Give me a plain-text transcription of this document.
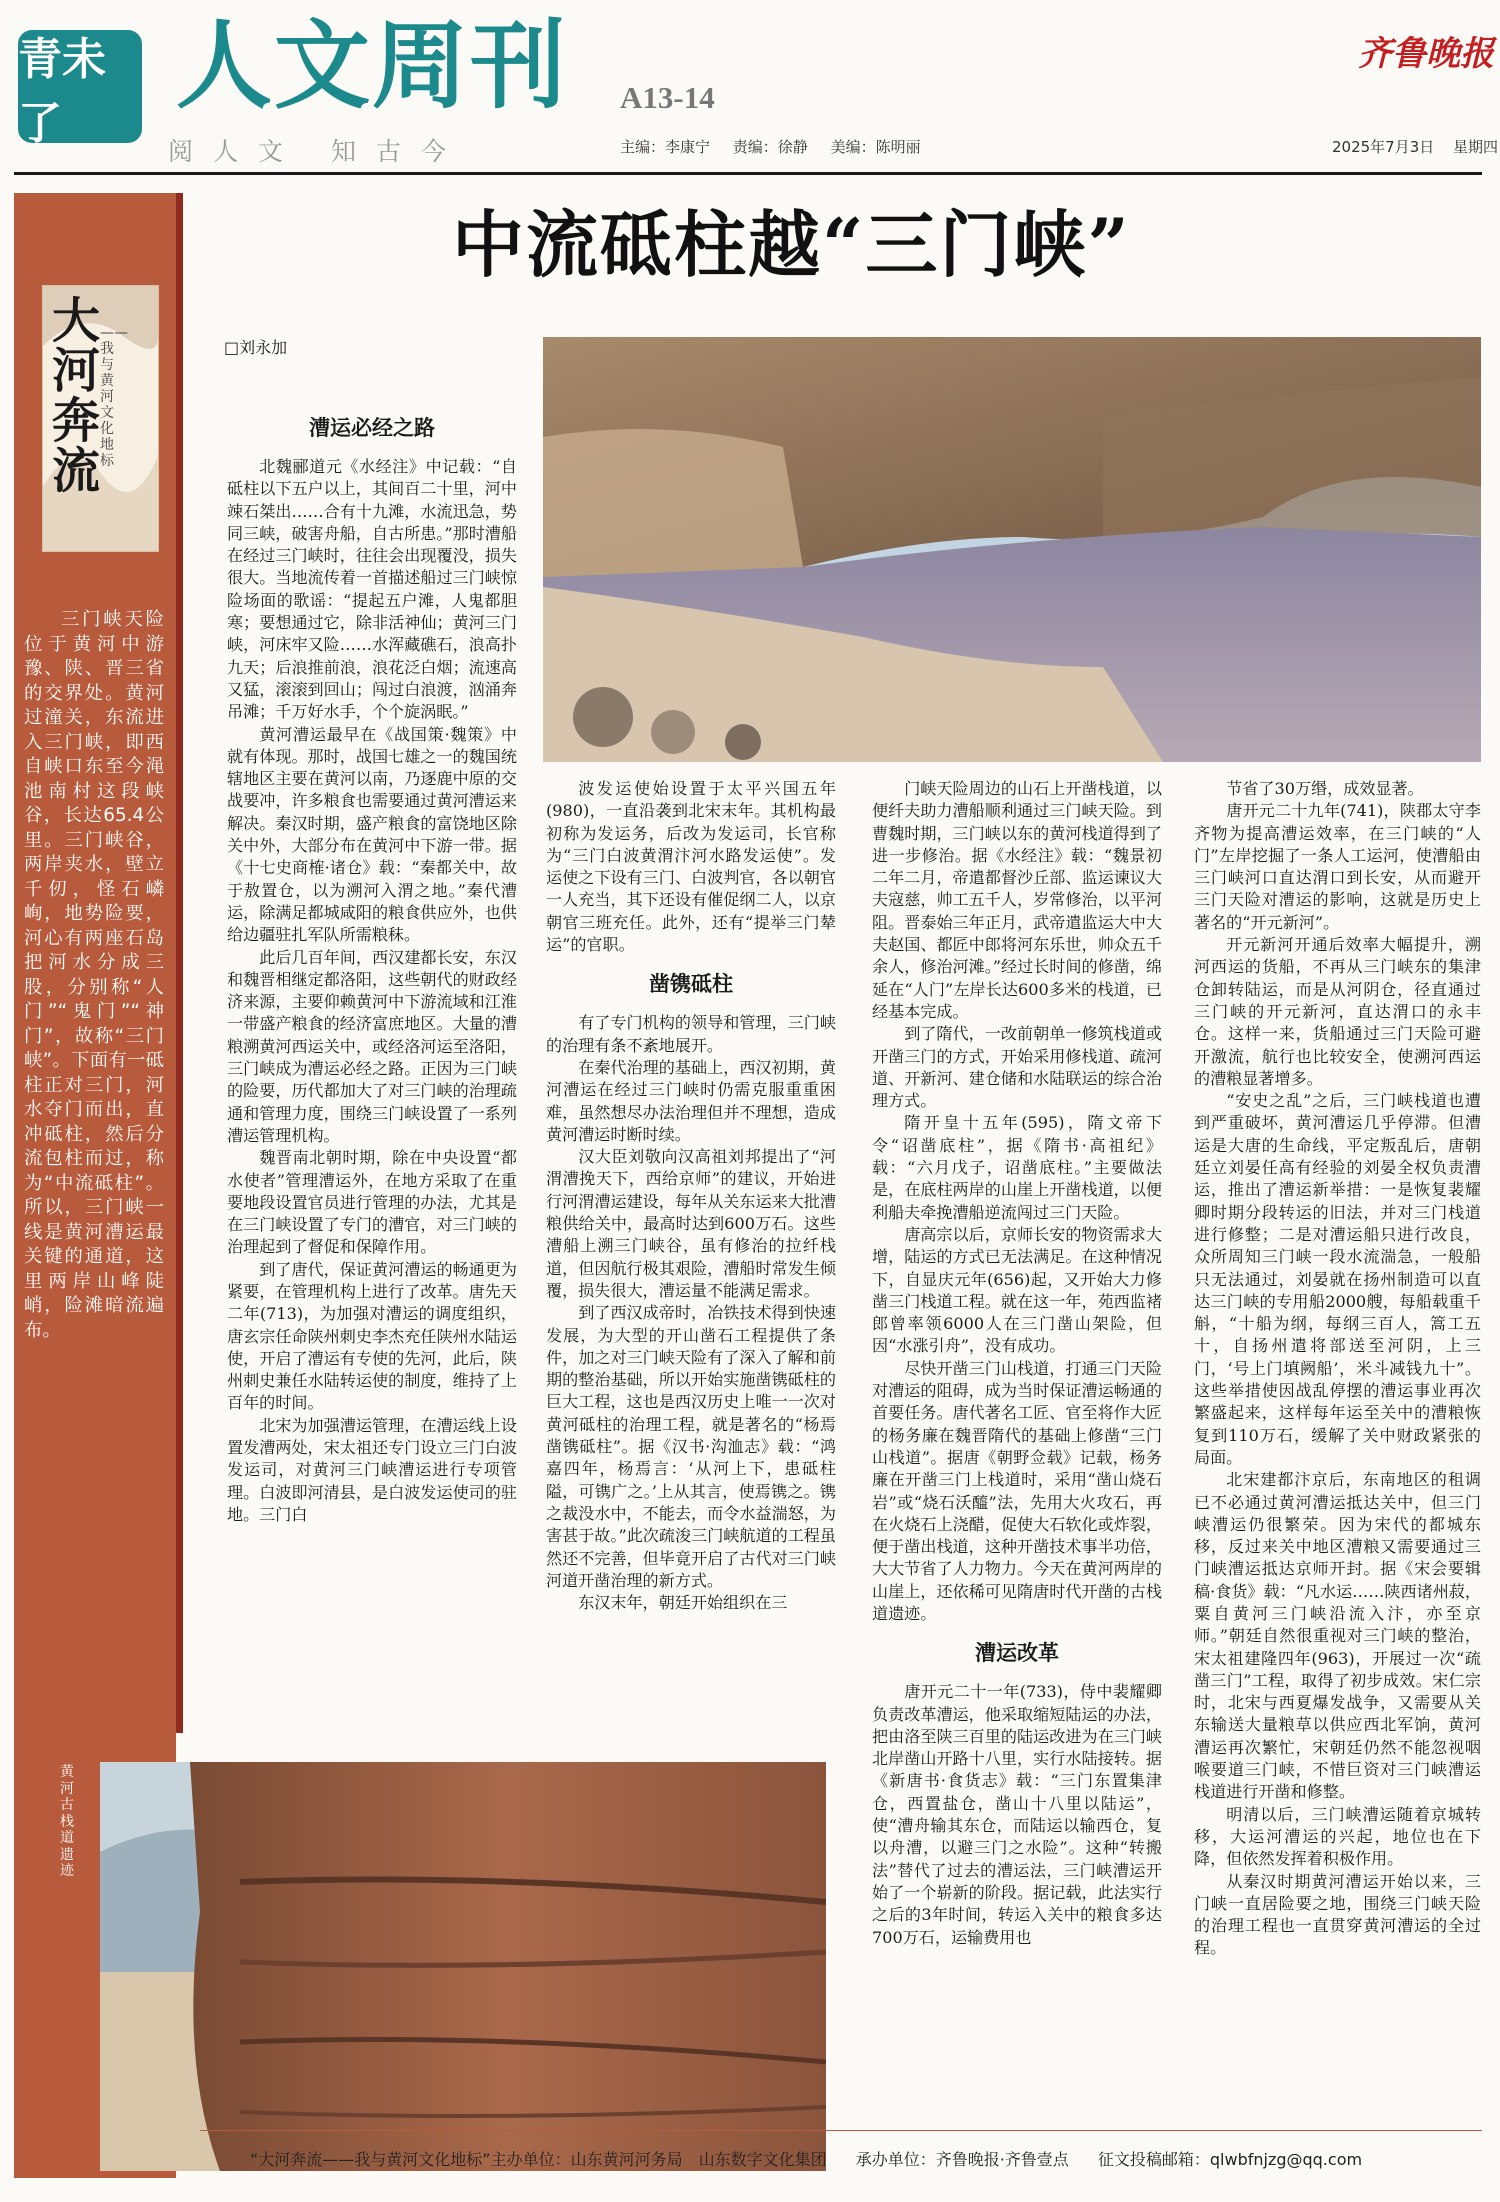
青未了
人文周刊 A13-14
阅人文 知古今	主编：李康宁 责编：徐静 美编：陈明丽
齐鲁晚报
2025年7月3日 星期四
大河奔流
——我与黄河文化地标
三门峡天险位于黄河中游豫、陕、晋三省的交界处。黄河过潼关，东流进入三门峡，即西自峡口东至今渑池南村这段峡谷，长达65.4公里。三门峡谷，两岸夹水，壁立千仞，怪石嶙峋，地势险要，河心有两座石岛把河水分成三股，分别称“人门”“鬼门”“神门”，故称“三门峡”。下面有一砥柱正对三门，河水夺门而出，直冲砥柱，然后分流包柱而过，称为“中流砥柱”。所以，三门峡一线是黄河漕运最关键的通道，这里两岸山峰陡峭，险滩暗流遍布。
黄河古栈道遗迹
中流砥柱越“三门峡”
□刘永加
漕运必经之路

北魏郦道元《水经注》中记载：“自砥柱以下五户以上，其间百二十里，河中竦石桀出……合有十九滩，水流迅急，势同三峡，破害舟船，自古所患。”那时漕船在经过三门峡时，往往会出现覆没，损失很大。当地流传着一首描述船过三门峡惊险场面的歌谣：“提起五户滩，人鬼都胆寒；要想通过它，除非活神仙；黄河三门峡，河床牢又险……水浑藏礁石，浪高扑九天；后浪推前浪，浪花泛白烟；流速高又猛，滚滚到回山；闯过白浪渡，汹涌奔吊滩；千万好水手，个个旋涡眠。”

黄河漕运最早在《战国策·魏策》中就有体现。那时，战国七雄之一的魏国统辖地区主要在黄河以南，乃逐鹿中原的交战要冲，许多粮食也需要通过黄河漕运来解决。秦汉时期，盛产粮食的富饶地区除关中外，大部分布在黄河中下游一带。据《十七史商榷·诸仓》载：“秦都关中，故于敖置仓，以为溯河入渭之地。”秦代漕运，除满足都城咸阳的粮食供应外，也供给边疆驻扎军队所需粮秣。

此后几百年间，西汉建都长安，东汉和魏晋相继定都洛阳，这些朝代的财政经济来源，主要仰赖黄河中下游流域和江淮一带盛产粮食的经济富庶地区。大量的漕粮溯黄河西运关中，或经洛河运至洛阳，三门峡成为漕运必经之路。正因为三门峡的险要，历代都加大了对三门峡的治理疏通和管理力度，围绕三门峡设置了一系列漕运管理机构。

魏晋南北朝时期，除在中央设置“都水使者”管理漕运外，在地方采取了在重要地段设置官员进行管理的办法，尤其是在三门峡设置了专门的漕官，对三门峡的治理起到了督促和保障作用。

到了唐代，保证黄河漕运的畅通更为紧要，在管理机构上进行了改革。唐先天二年(713)，为加强对漕运的调度组织，唐玄宗任命陕州刺史李杰充任陕州水陆运使，开启了漕运有专使的先河，此后，陕州刺史兼任水陆转运使的制度，维持了上百年的时间。

北宋为加强漕运管理，在漕运线上设置发漕两处，宋太祖还专门设立三门白波发运司，对黄河三门峡漕运进行专项管理。白波即河清县，是白波发运使司的驻地。三门白

波发运使始设置于太平兴国五年(980)，一直沿袭到北宋末年。其机构最初称为发运务，后改为发运司，长官称为“三门白波黄渭汴河水路发运使”。发运使之下设有三门、白波判官，各以朝官一人充当，其下还设有催促纲二人，以京朝官三班充任。此外，还有“提举三门辇运”的官职。

凿镌砥柱

有了专门机构的领导和管理，三门峡的治理有条不紊地展开。

在秦代治理的基础上，西汉初期，黄河漕运在经过三门峡时仍需克服重重困难，虽然想尽办法治理但并不理想，造成黄河漕运时断时续。

汉大臣刘敬向汉高祖刘邦提出了“河渭漕挽天下，西给京师”的建议，开始进行河渭漕运建设，每年从关东运来大批漕粮供给关中，最高时达到600万石。这些漕船上溯三门峡谷，虽有修治的拉纤栈道，但因航行极其艰险，漕船时常发生倾覆，损失很大，漕运量不能满足需求。

到了西汉成帝时，冶铁技术得到快速发展，为大型的开山凿石工程提供了条件，加之对三门峡天险有了深入了解和前期的整治基础，所以开始实施凿镌砥柱的巨大工程，这也是西汉历史上唯一一次对黄河砥柱的治理工程，就是著名的“杨焉凿镌砥柱”。据《汉书·沟洫志》载：“鸿嘉四年，杨焉言：‘从河上下，患砥柱隘，可镌广之。’上从其言，使焉镌之。镌之裁没水中，不能去，而令水益湍怒，为害甚于故。”此次疏浚三门峡航道的工程虽然还不完善，但毕竟开启了古代对三门峡河道开凿治理的新方式。

东汉末年，朝廷开始组织在三

门峡天险周边的山石上开凿栈道，以便纤夫助力漕船顺利通过三门峡天险。到曹魏时期，三门峡以东的黄河栈道得到了进一步修治。据《水经注》载：“魏景初二年二月，帝遣都督沙丘部、监运谏议大夫寇慈，帅工五千人，岁常修治，以平河阻。晋泰始三年正月，武帝遣监运大中大夫赵国、都匠中郎将河东乐世，帅众五千余人，修治河滩。”经过长时间的修凿，绵延在“人门”左岸长达600多米的栈道，已经基本完成。

到了隋代，一改前朝单一修筑栈道或开凿三门的方式，开始采用修栈道、疏河道、开新河、建仓储和水陆联运的综合治理方式。

隋开皇十五年(595)，隋文帝下令“诏凿底柱”，据《隋书·高祖纪》载：“六月戊子，诏凿底柱。”主要做法是，在底柱两岸的山崖上开凿栈道，以便利船夫牵挽漕船逆流闯过三门天险。

唐高宗以后，京师长安的物资需求大增，陆运的方式已无法满足。在这种情况下，自显庆元年(656)起，又开始大力修凿三门栈道工程。就在这一年，苑西监褚郎曾率领6000人在三门凿山架险，但因“水涨引舟”，没有成功。

尽快开凿三门山栈道，打通三门天险对漕运的阻碍，成为当时保证漕运畅通的首要任务。唐代著名工匠、官至将作大匠的杨务廉在魏晋隋代的基础上修凿“三门山栈道”。据唐《朝野佥载》记载，杨务廉在开凿三门上栈道时，采用“凿山烧石岩”或“烧石沃醯”法，先用大火攻石，再在火烧石上浇醋，促使大石软化或炸裂，便于凿出栈道，这种开凿技术事半功倍，大大节省了人力物力。今天在黄河两岸的山崖上，还依稀可见隋唐时代开凿的古栈道遗迹。

漕运改革

唐开元二十一年(733)，侍中裴耀卿负责改革漕运，他采取缩短陆运的办法，把由洛至陕三百里的陆运改进为在三门峡北岸凿山开路十八里，实行水陆接转。据《新唐书·食货志》载：“三门东置集津仓，西置盐仓，凿山十八里以陆运”，使“漕舟输其东仓，而陆运以输西仓，复以舟漕，以避三门之水险”。这种“转搬法”替代了过去的漕运法，三门峡漕运开始了一个崭新的阶段。据记载，此法实行之后的3年时间，转运入关中的粮食多达700万石，运输费用也

节省了30万缗，成效显著。

唐开元二十九年(741)，陕郡太守李齐物为提高漕运效率，在三门峡的“人门”左岸挖掘了一条人工运河，使漕船由三门峡河口直达渭口到长安，从而避开三门天险对漕运的影响，这就是历史上著名的“开元新河”。

开元新河开通后效率大幅提升，溯河西运的货船，不再从三门峡东的集津仓卸转陆运，而是从河阴仓，径直通过三门峡的开元新河，直达渭口的永丰仓。这样一来，货船通过三门天险可避开激流，航行也比较安全，使溯河西运的漕粮显著增多。

“安史之乱”之后，三门峡栈道也遭到严重破坏，黄河漕运几乎停滞。但漕运是大唐的生命线，平定叛乱后，唐朝廷立刘晏任高有经验的刘晏全权负责漕运，推出了漕运新举措：一是恢复裴耀卿时期分段转运的旧法，并对三门栈道进行修整；二是对漕运船只进行改良，众所周知三门峡一段水流湍急，一般船只无法通过，刘晏就在扬州制造可以直达三门峡的专用船2000艘，每船载重千斛，“十船为纲，每纲三百人，篙工五十，自扬州遣将部送至河阴，上三门，‘号上门填阙船’，米斗减钱九十”。这些举措使因战乱停摆的漕运事业再次繁盛起来，这样每年运至关中的漕粮恢复到110万石，缓解了关中财政紧张的局面。

北宋建都汴京后，东南地区的租调已不必通过黄河漕运抵达关中，但三门峡漕运仍很繁荣。因为宋代的都城东移，反过来关中地区漕粮又需要通过三门峡漕运抵达京师开封。据《宋会要辑稿·食货》载：“凡水运……陕西诸州菽，粟自黄河三门峡沿流入汴，亦至京师。”朝廷自然很重视对三门峡的整治，宋太祖建隆四年(963)，开展过一次“疏凿三门”工程，取得了初步成效。宋仁宗时，北宋与西夏爆发战争，又需要从关东输送大量粮草以供应西北军饷，黄河漕运再次繁忙，宋朝廷仍然不能忽视咽喉要道三门峡，不惜巨资对三门峡漕运栈道进行开凿和修整。

明清以后，三门峡漕运随着京城转移，大运河漕运的兴起，地位也在下降，但依然发挥着积极作用。

从秦汉时期黄河漕运开始以来，三门峡一直居险要之地，围绕三门峡天险的治理工程也一直贯穿黄河漕运的全过程。

“大河奔流——我与黄河文化地标”主办单位：山东黄河河务局　山东数字文化集团 承办单位：齐鲁晚报·齐鲁壹点 征文投稿邮箱：qlwbfnjzg@qq.com
